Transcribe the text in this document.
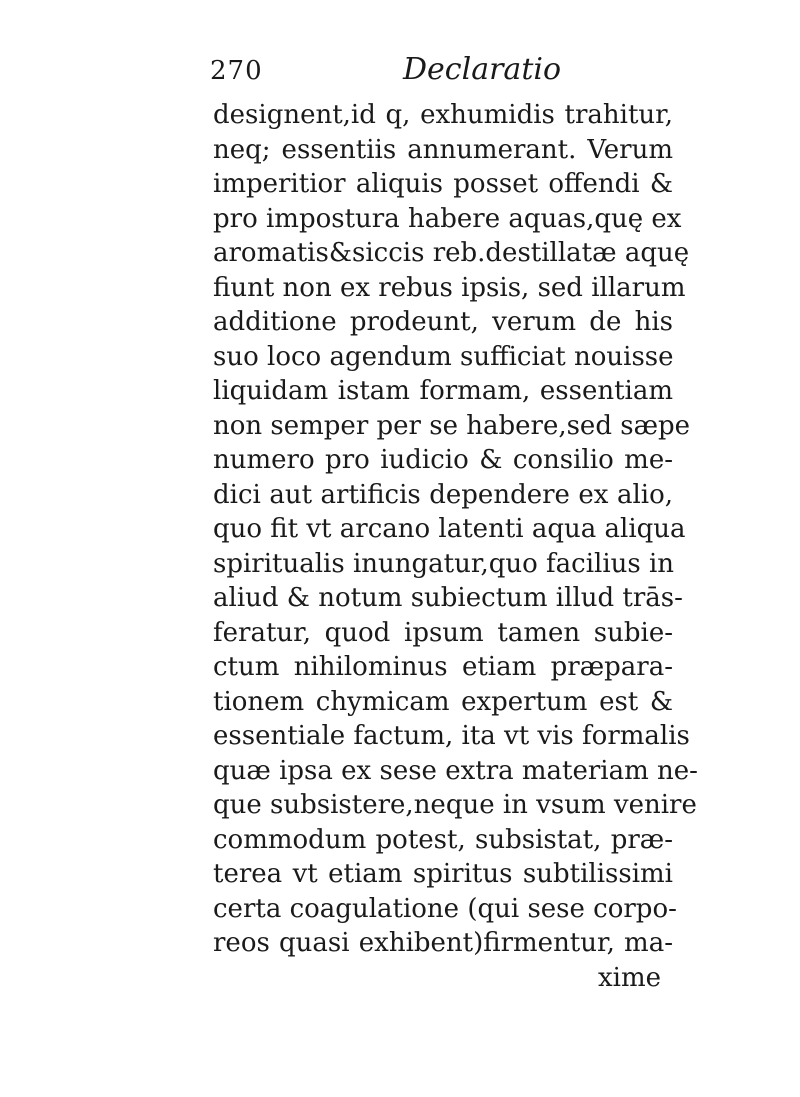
270	Declaratio
designent,id q, exhumidis trahitur,
neq; essentiis annumerant. Verum
imperitior aliquis posset offendi &
pro impostura habere aquas,quę ex
aromatis&siccis reb.destillatæ aquę
fiunt non ex rebus ipsis, sed illarum
additione prodeunt, verum de his
suo loco agendum sufficiat nouisse
liquidam istam formam, essentiam
non semper per se habere,sed sæpe
numero pro iudicio & consilio me-
dici aut artificis dependere ex alio,
quo fit vt arcano latenti aqua aliqua
spiritualis inungatur,quo facilius in
aliud & notum subiectum illud trās-
feratur, quod ipsum tamen subie-
ctum nihilominus etiam præpara-
tionem chymicam expertum est &
essentiale factum, ita vt vis formalis
quæ ipsa ex sese extra materiam ne-
que subsistere,neque in vsum venire
commodum potest, subsistat, præ-
terea vt etiam spiritus subtilissimi
certa coagulatione (qui sese corpo-
reos quasi exhibent)firmentur, ma-
xime
